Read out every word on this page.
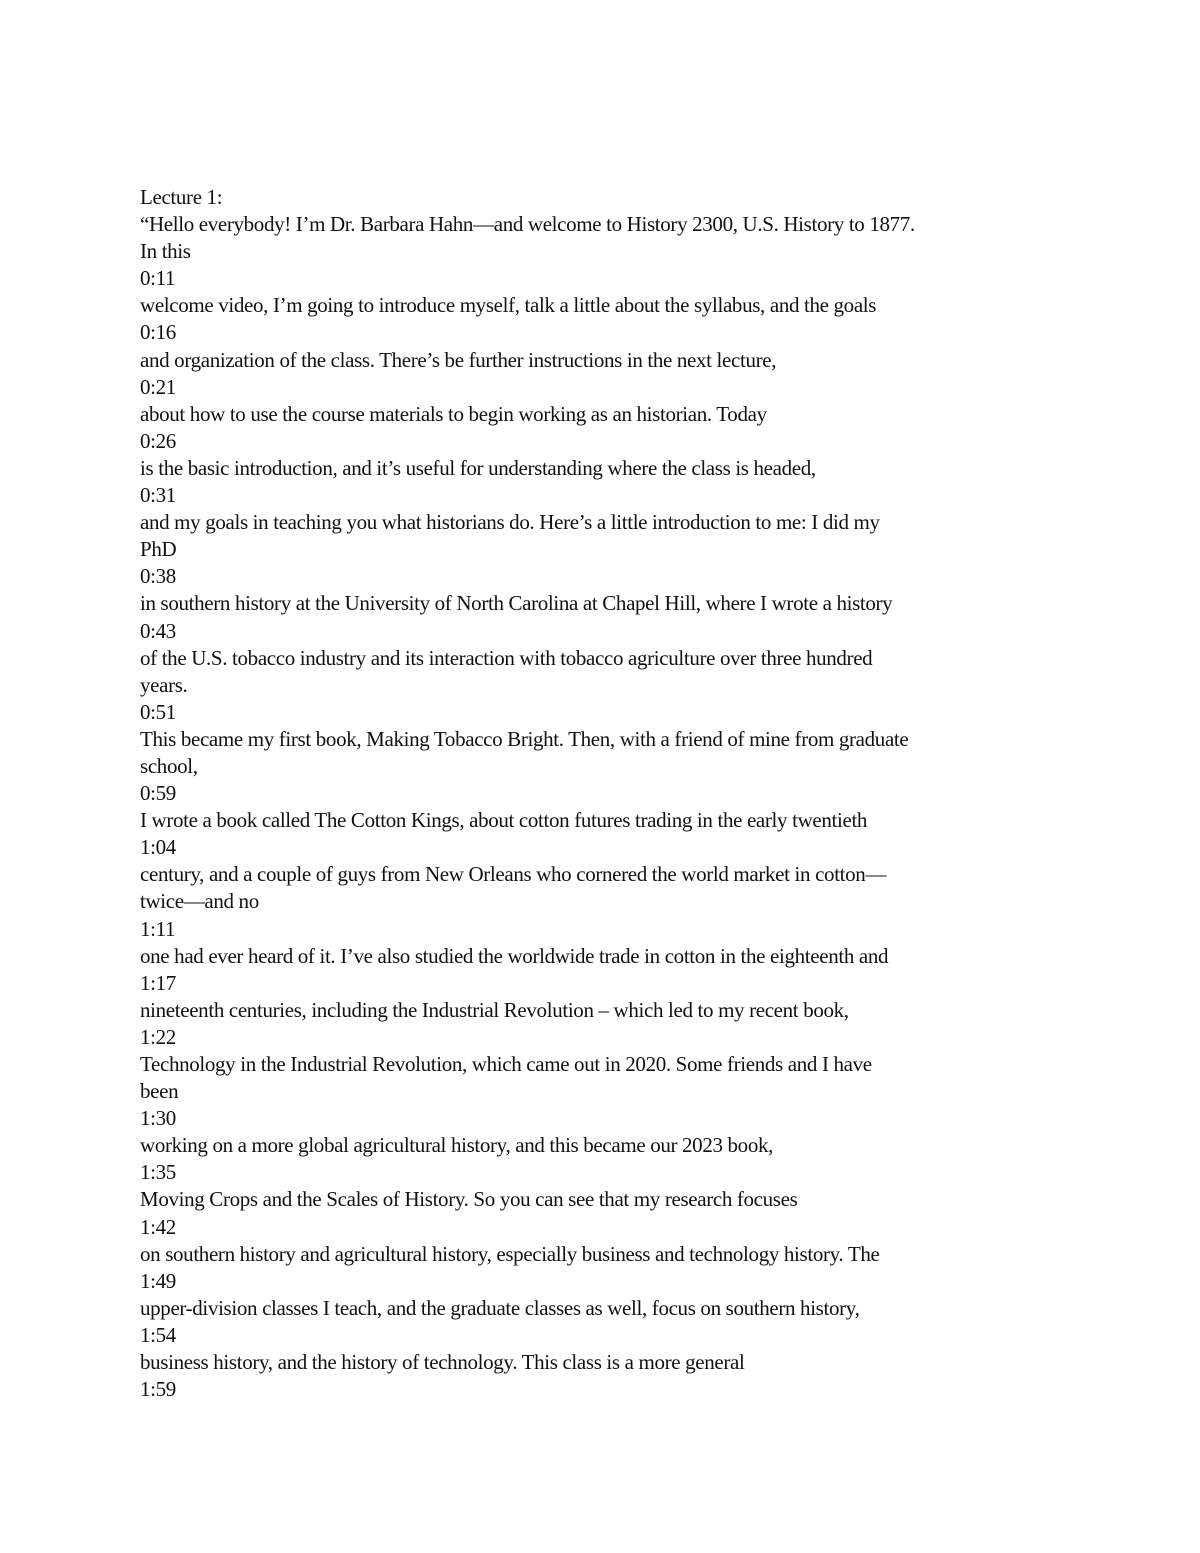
Lecture 1:
“Hello everybody! I’m Dr. Barbara Hahn—and welcome to History 2300, U.S. History to 1877.
In this
0:11
welcome video, I’m going to introduce myself, talk a little about the syllabus, and the goals
0:16
and organization of the class. There’s be further instructions in the next lecture,
0:21
about how to use the course materials to begin working as an historian. Today
0:26
is the basic introduction, and it’s useful for understanding where the class is headed,
0:31
and my goals in teaching you what historians do. Here’s a little introduction to me: I did my
PhD
0:38
in southern history at the University of North Carolina at Chapel Hill, where I wrote a history
0:43
of the U.S. tobacco industry and its interaction with tobacco agriculture over three hundred
years.
0:51
This became my first book, Making Tobacco Bright. Then, with a friend of mine from graduate
school,
0:59
I wrote a book called The Cotton Kings, about cotton futures trading in the early twentieth
1:04
century, and a couple of guys from New Orleans who cornered the world market in cotton—
twice—and no
1:11
one had ever heard of it. I’ve also studied the worldwide trade in cotton in the eighteenth and
1:17
nineteenth centuries, including the Industrial Revolution – which led to my recent book,
1:22
Technology in the Industrial Revolution, which came out in 2020. Some friends and I have
been
1:30
working on a more global agricultural history, and this became our 2023 book,
1:35
Moving Crops and the Scales of History. So you can see that my research focuses
1:42
on southern history and agricultural history, especially business and technology history. The
1:49
upper-division classes I teach, and the graduate classes as well, focus on southern history,
1:54
business history, and the history of technology. This class is a more general
1:59
